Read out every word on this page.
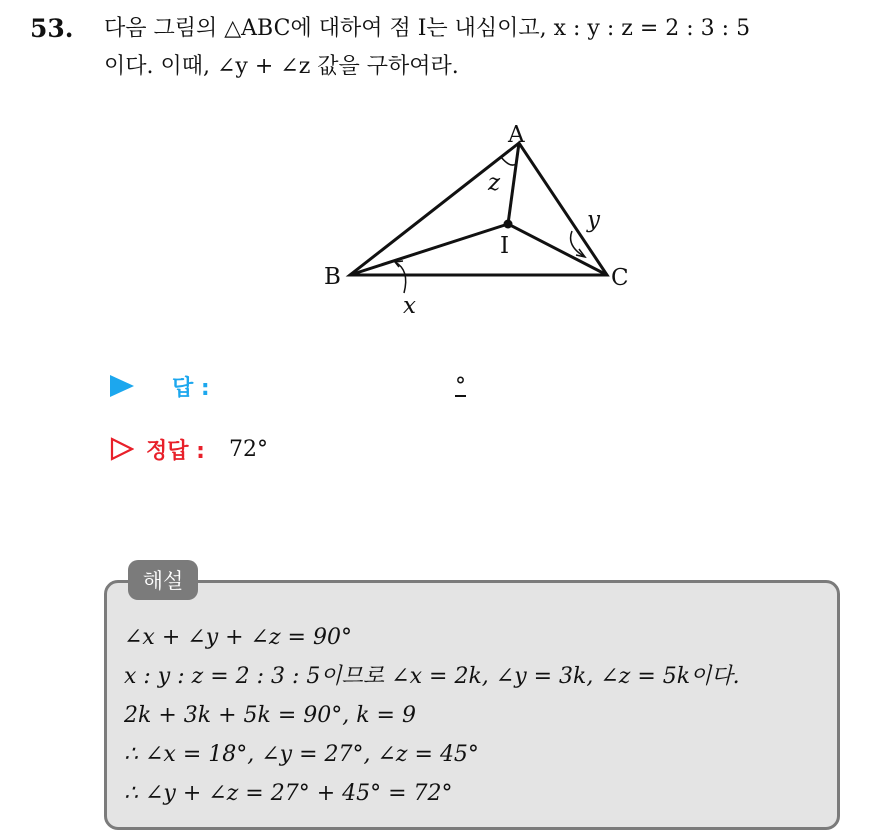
53. 다음 그림의 △ABC에 대하여 점 I는 내심이고, x : y : z = 2 : 3 : 5
이다. 이때, ∠y + ∠z 값을 구하여라.
A
B	C
I
z
y
x
답 :	°
정답 : 72°
해설
∠x + ∠y + ∠z = 90°
x : y : z = 2 : 3 : 5이므로 ∠x = 2k, ∠y = 3k, ∠z = 5k이다.
2k + 3k + 5k = 90°, k = 9
∴ ∠x = 18°, ∠y = 27°, ∠z = 45°
∴ ∠y + ∠z = 27° + 45° = 72°
